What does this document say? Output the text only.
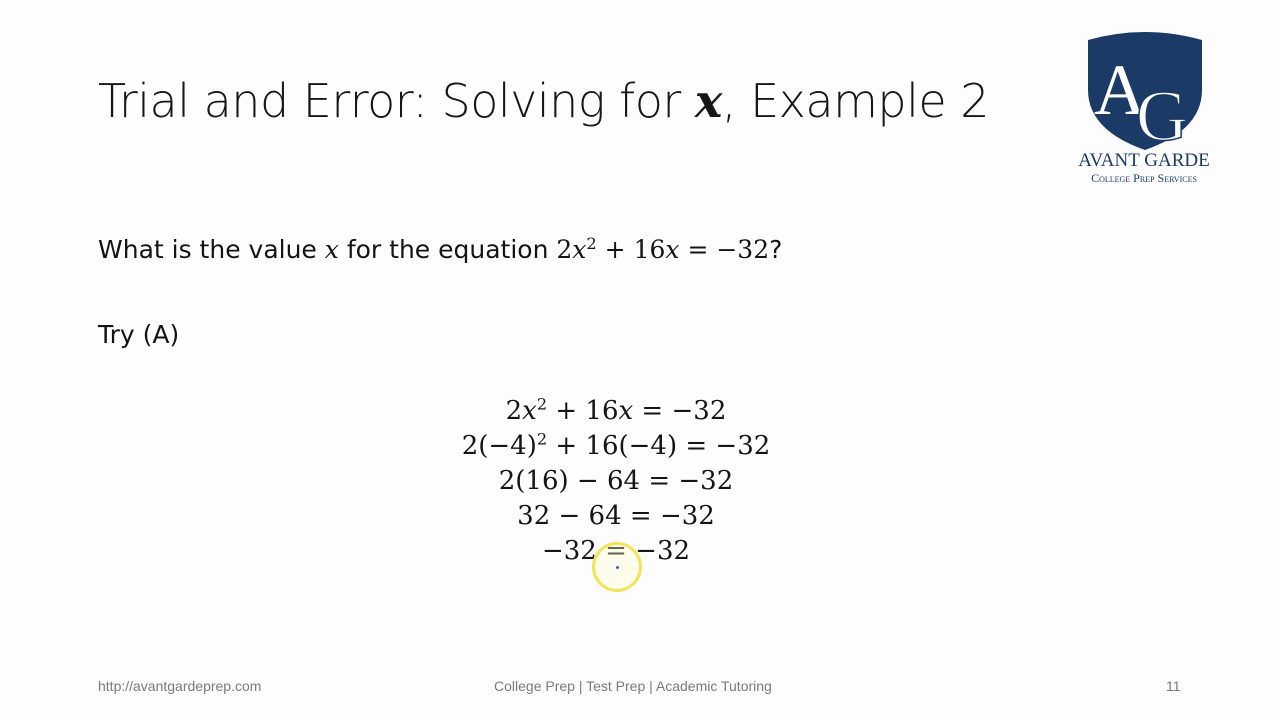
Trial and Error: Solving for x, Example 2 A
G
AVANT GARDE
College Prep Services
What is the value x for the equation $2x^2 + 16x = -32$?
Try (A)
$2x^2 + 16x = -32$
$2(-4)^2 + 16(-4) = -32$
2(16) − 64 = −32
32 − 64 = −32
−32 = −32
http://avantgardeprep.com	College Prep | Test Prep | Academic Tutoring	11
